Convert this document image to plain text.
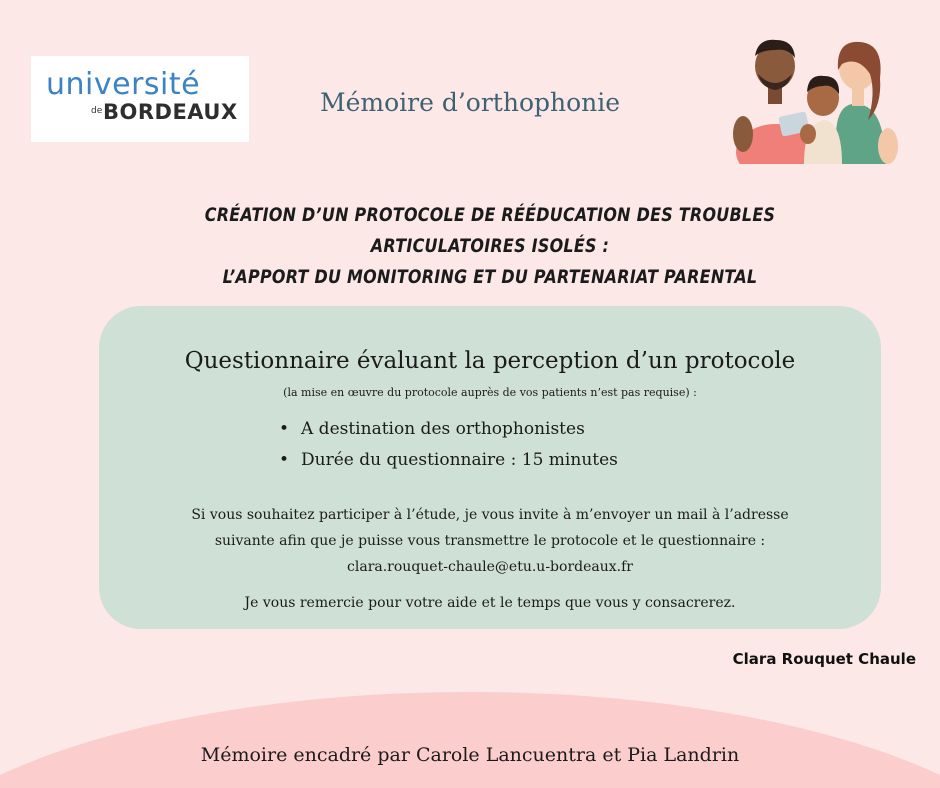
université
de BORDEAUX	Mémoire d’orthophonie
CRÉATION D’UN PROTOCOLE DE RÉÉDUCATION DES TROUBLES ARTICULATOIRES ISOLÉS :
L’APPORT DU MONITORING ET DU PARTENARIAT PARENTAL
Questionnaire évaluant la perception d’un protocole
(la mise en œuvre du protocole auprès de vos patients n’est pas requise) :
• A destination des orthophonistes
• Durée du questionnaire : 15 minutes
Si vous souhaitez participer à l’étude, je vous invite à m’envoyer un mail à l’adresse
suivante afin que je puisse vous transmettre le protocole et le questionnaire :
clara.rouquet-chaule@etu.u-bordeaux.fr
Je vous remercie pour votre aide et le temps que vous y consacrerez.
Clara Rouquet Chaule
Mémoire encadré par Carole Lancuentra et Pia Landrin
